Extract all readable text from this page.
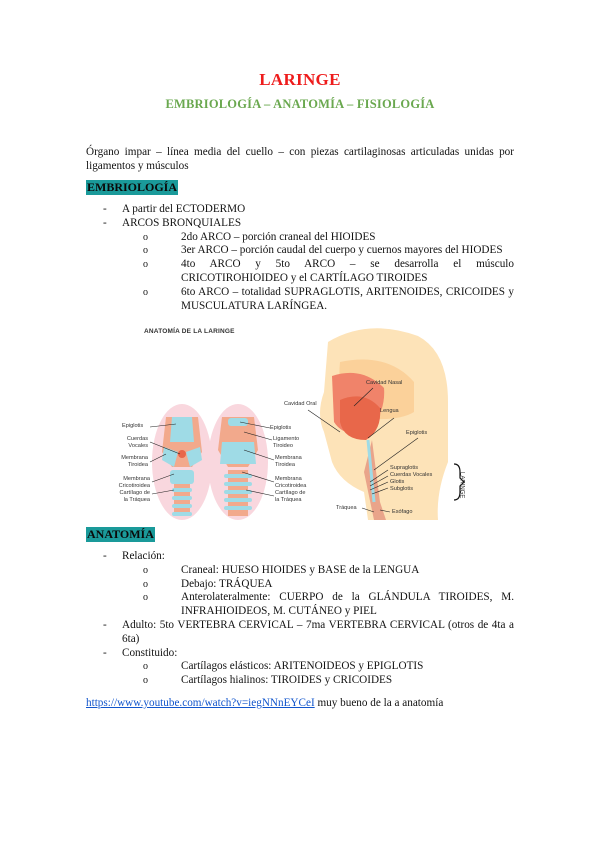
LARINGE
EMBRIOLOGÍA – ANATOMÍA – FISIOLOGÍA
Órgano impar – línea media del cuello – con piezas cartilaginosas articuladas unidas por ligamentos y músculos
EMBRIOLOGÍA
- A partir del ECTODERMO
- ARCOS BRONQUIALES
o	2do ARCO – porción craneal del HIOIDES
o	3er ARCO – porción caudal del cuerpo y cuernos mayores del HIODES
o	4to ARCO y 5to ARCO – se desarrolla el músculo CRICOTIROHIOIDEO y el CARTÍLAGO TIROIDES
o	6to ARCO – totalidad SUPRAGLOTIS, ARITENOIDES, CRICOIDES y MUSCULATURA LARÍNGEA.
ANATOMÍA DE LA LARINGE
Epiglotis
Cuerdas Vocales
Membrana Tiroidea
Membrana Cricotiroidea
Cartílago de la Tráquea
Epiglotis
Ligamento Tiroideo
Membrana Tiroidea
Membrana Cricotiroidea
Cartílago de la Tráquea
Cavidad Oral
Cavidad Nasal
Lengua
Epiglotis
Supraglotis
Cuerdas Vocales
Glotis
Subglotis
Tráquea
Esófago
LARINGE
ANATOMÍA
- Relación:
o	Craneal: HUESO HIOIDES y BASE de la LENGUA
o	Debajo: TRÁQUEA
o	Anterolateralmente: CUERPO de la GLÁNDULA TIROIDES, M. INFRAHIOIDEOS, M. CUTÁNEO y PIEL
- Adulto: 5to VERTEBRA CERVICAL – 7ma VERTEBRA CERVICAL (otros de 4ta a 6ta)
- Constituido:
o	Cartílagos elásticos: ARITENOIDEOS y EPIGLOTIS
o	Cartílagos hialinos: TIROIDES y CRICOIDES
https://www.youtube.com/watch?v=iegNNnEYCeI muy bueno de la a anatomía
